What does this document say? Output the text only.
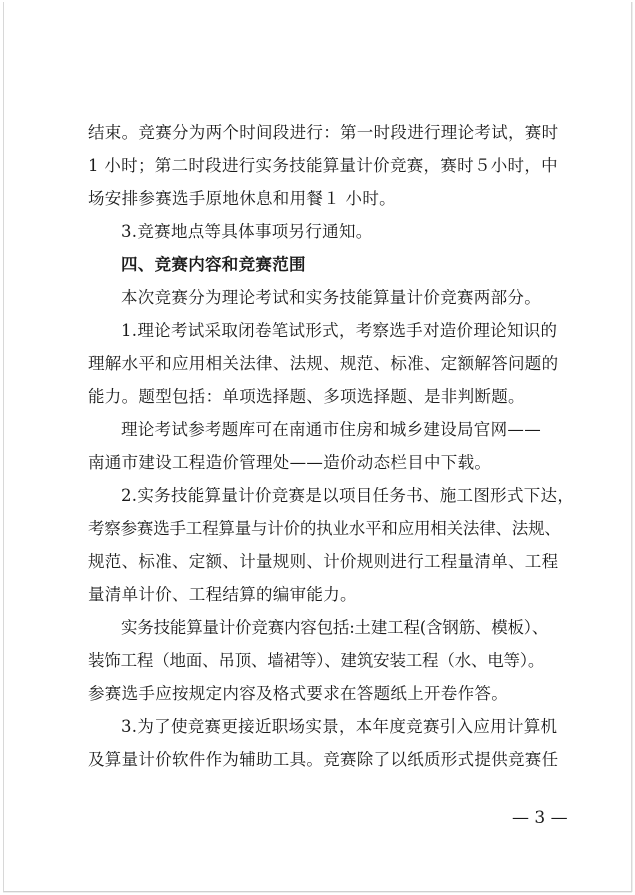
结束。竞赛分为两个时间段进行：第一时段进行理论考试，赛时
1 小时；第二时段进行实务技能算量计价竞赛，赛时５小时，中
场安排参赛选手原地休息和用餐１ 小时。
3.竞赛地点等具体事项另行通知。
四、竞赛内容和竞赛范围
本次竞赛分为理论考试和实务技能算量计价竞赛两部分。
1.理论考试采取闭卷笔试形式，考察选手对造价理论知识的
理解水平和应用相关法律、法规、规范、标准、定额解答问题的
能力。题型包括：单项选择题、多项选择题、是非判断题。
理论考试参考题库可在南通市住房和城乡建设局官网——
南通市建设工程造价管理处——造价动态栏目中下载。
2.实务技能算量计价竞赛是以项目任务书、施工图形式下达，
考察参赛选手工程算量与计价的执业水平和应用相关法律、法规、
规范、标准、定额、计量规则、计价规则进行工程量清单、工程
量清单计价、工程结算的编审能力。
实务技能算量计价竞赛内容包括:土建工程(含钢筋、模板）、
装饰工程（地面、吊顶、墙裙等）、建筑安装工程（水、电等）。
参赛选手应按规定内容及格式要求在答题纸上开卷作答。
3.为了使竞赛更接近职场实景，本年度竞赛引入应用计算机
及算量计价软件作为辅助工具。竞赛除了以纸质形式提供竞赛任
— 3 —
